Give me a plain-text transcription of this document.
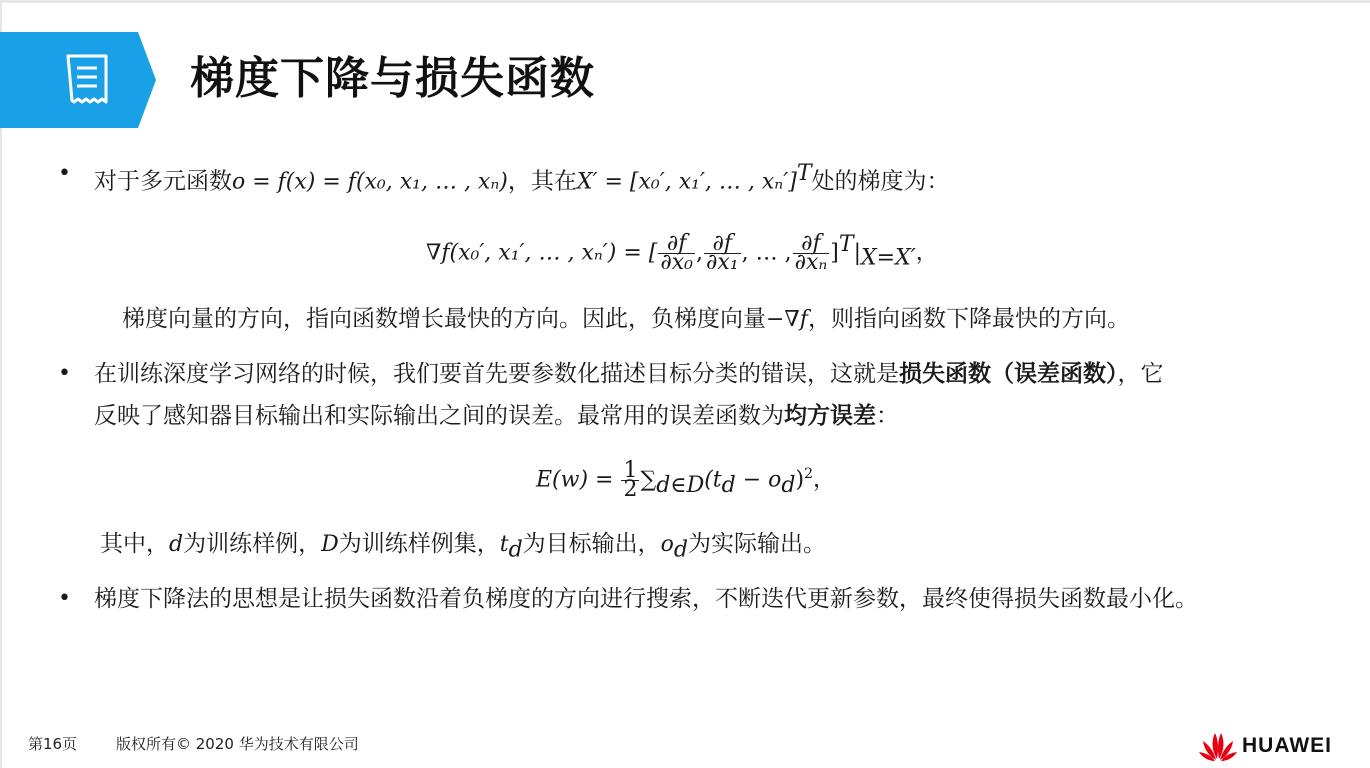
梯度下降与损失函数
•	对于多元函数o = f(x) = f(x₀, x₁, … , xₙ)，其在X′ = [x₀′, x₁′, … , xₙ′]$^T$处的梯度为：
∇f(x₀′, x₁′, … , xₙ′) = [ $\frac{\partial f}{\text{∂x₀}}$ , $\frac{\partial f}{\text{∂x₁}}$ , … , $\frac{\partial f}{\text{∂xₙ}} ]^T|_{X=X'}$，
梯度向量的方向，指向函数增长最快的方向。因此，负梯度向量−∇f，则指向函数下降最快的方向。
•	在训练深度学习网络的时候，我们要首先要参数化描述目标分类的错误，这就是损失函数（误差函数），它
反映了感知器目标输出和实际输出之间的误差。最常用的误差函数为均方误差：
$E(w) = \frac{1}{2} \sum_{d\in D}(t_d - o_d)^2$，
其中，d为训练样例，D为训练样例集，$t_d$为目标输出，$o_d$为实际输出。
•	梯度下降法的思想是让损失函数沿着负梯度的方向进行搜索，不断迭代更新参数，最终使得损失函数最小化。
第16页	版权所有© 2020 华为技术有限公司	HUAWEI
